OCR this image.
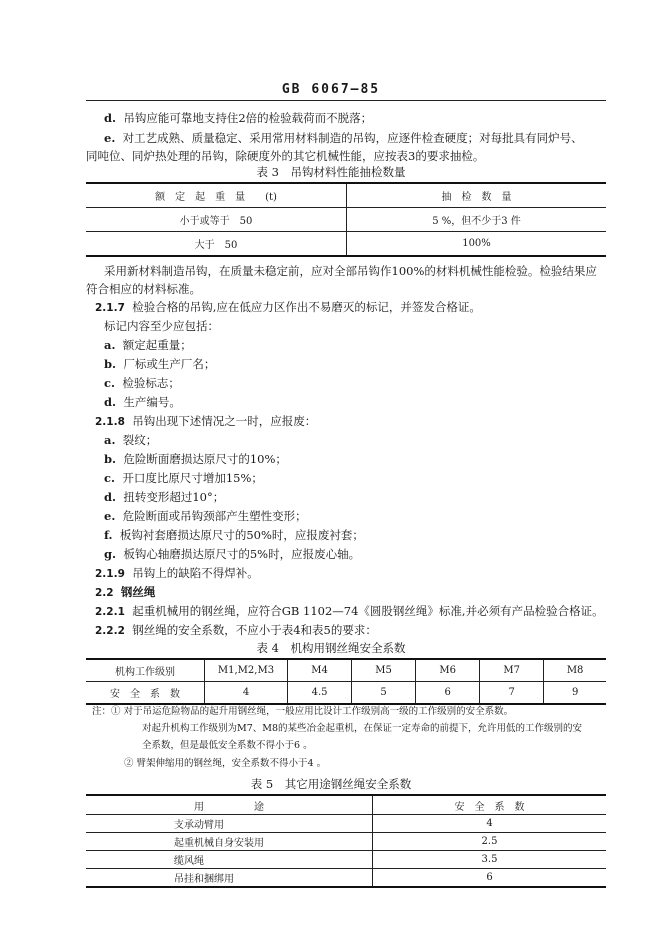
GB 6067—85
d. 吊钩应能可靠地支持住2倍的检验载荷而不脱落；
e. 对工艺成熟、质量稳定、采用常用材料制造的吊钩，应逐件检查硬度；对每批具有同炉号、
同吨位、同炉热处理的吊钩，除硬度外的其它机械性能，应按表3的要求抽检。
表 3　吊钩材料性能抽检数量
额　定　起　重　量　　(t)	抽　检　数　量
小于或等于　50	5 %，但不少于3 件
大于　50	100%
采用新材料制造吊钩，在质量未稳定前，应对全部吊钩作100%的材料机械性能检验。检验结果应
符合相应的材料标准。
2.1.7 检验合格的吊钩,应在低应力区作出不易磨灭的标记，并签发合格证。
标记内容至少应包括：
a. 额定起重量；
b. 厂标或生产厂名；
c. 检验标志；
d. 生产编号。
2.1.8 吊钩出现下述情况之一时，应报废：
a. 裂纹；
b. 危险断面磨损达原尺寸的10%；
c. 开口度比原尺寸增加15%；
d. 扭转变形超过10°；
e. 危险断面或吊钩颈部产生塑性变形；
f. 板钩衬套磨损达原尺寸的50%时，应报废衬套；
g. 板钩心轴磨损达原尺寸的5%时，应报废心轴。
2.1.9 吊钩上的缺陷不得焊补。
2.2 钢丝绳
2.2.1 起重机械用的钢丝绳，应符合GB 1102—74《圆股钢丝绳》标准,并必须有产品检验合格证。
2.2.2 钢丝绳的安全系数，不应小于表4和表5的要求：
表 4　机构用钢丝绳安全系数
机构工作级别	M1,M2,M3	M4	M5	M6	M7	M8
安　全　系　数	4	4.5	5	6	7	9
注：① 对于吊运危险物品的起升用钢丝绳，一般应用比设计工作级别高一级的工作级别的安全系数。
对起升机构工作级别为M7、M8的某些冶金起重机，在保证一定寿命的前提下，允许用低的工作级别的安
全系数，但是最低安全系数不得小于6 。
② 臂架伸缩用的钢丝绳，安全系数不得小于4 。
表 5　其它用途钢丝绳安全系数
用　　　　　途	安　全　系　数
支承动臂用	4
起重机械自身安装用	2.5
缆风绳	3.5
吊挂和捆绑用	6
